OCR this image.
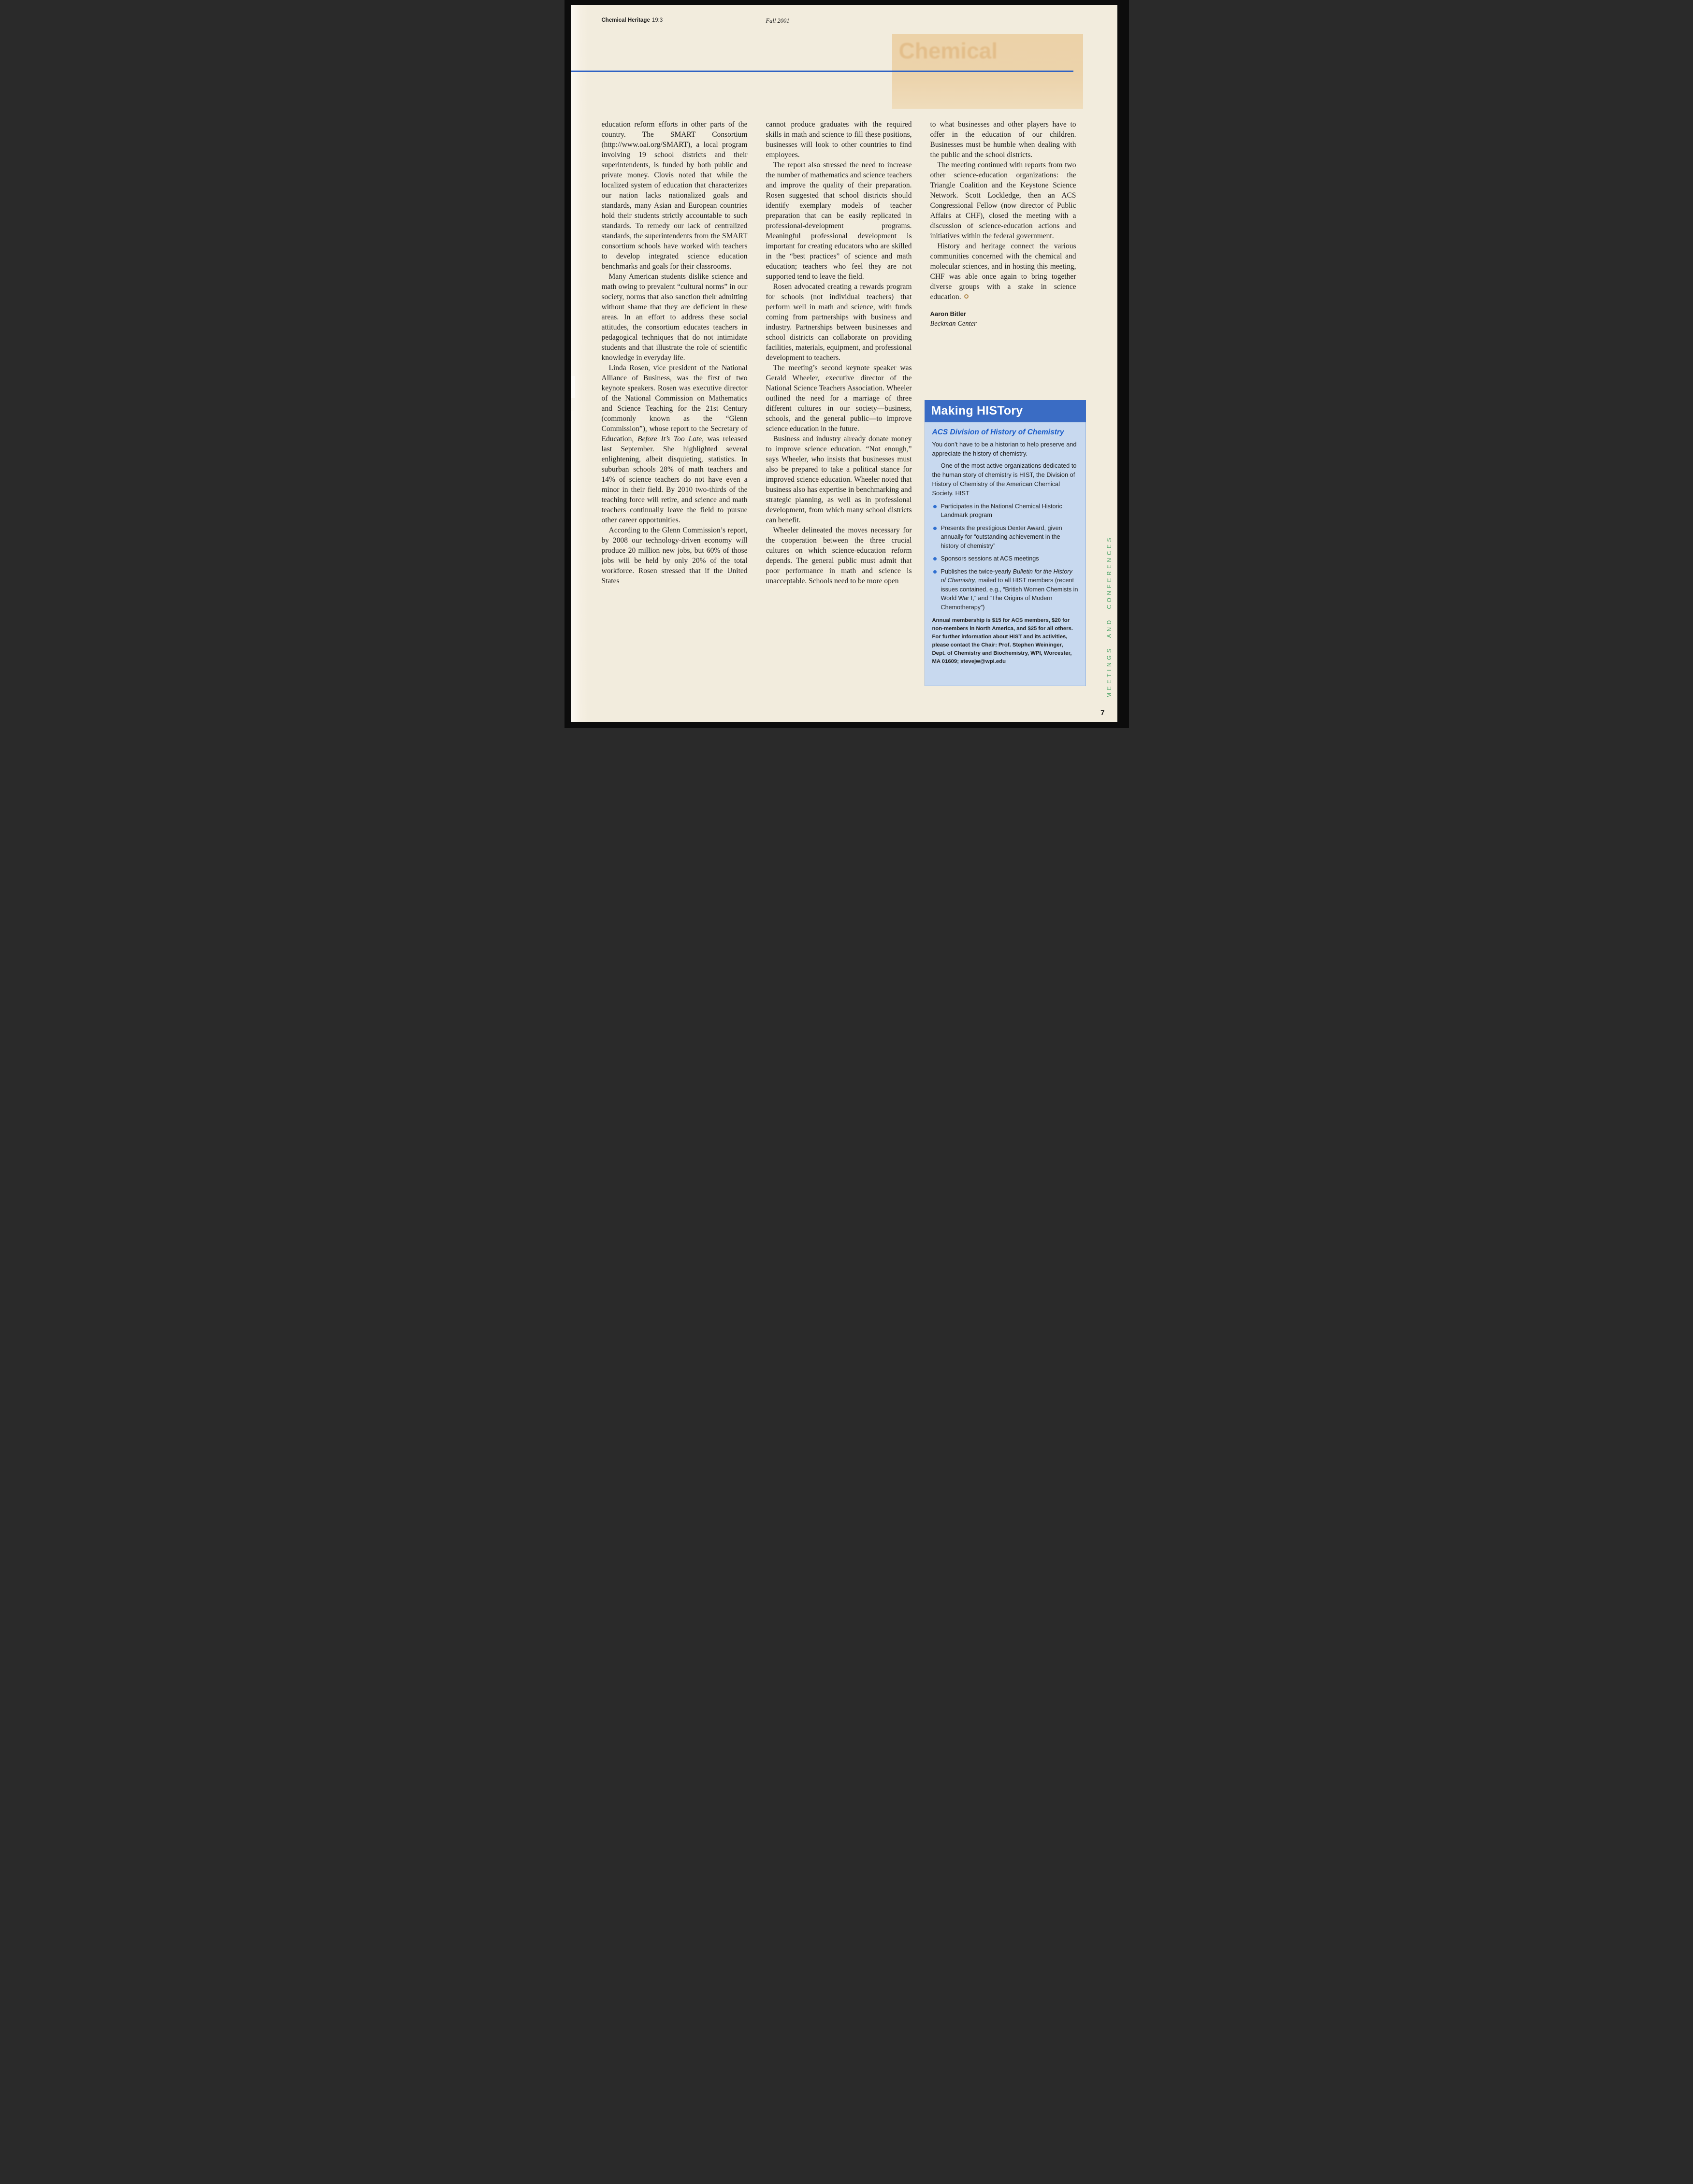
Chemical
Chemical Heritage 19:3	Fall 2001

education reform efforts in other parts of the country. The SMART Consortium (http://www.oai.org/SMART), a local program involving 19 school districts and their superintendents, is funded by both public and private money. Clovis noted that while the localized system of education that characterizes our nation lacks nationalized goals and standards, many Asian and European countries hold their students strictly accountable to such standards. To remedy our lack of centralized standards, the superintendents from the SMART consortium schools have worked with teachers to develop integrated science education benchmarks and goals for their classrooms.

Many American students dislike science and math owing to prevalent “cultural norms” in our society, norms that also sanction their admitting without shame that they are deficient in these areas. In an effort to address these social attitudes, the consortium educates teachers in pedagogical techniques that do not intimidate students and that illustrate the role of scientific knowledge in everyday life.

Linda Rosen, vice president of the National Alliance of Business, was the first of two keynote speakers. Rosen was executive director of the National Commission on Mathematics and Science Teaching for the 21st Century (commonly known as the “Glenn Commission”), whose report to the Secretary of Education, Before It’s Too Late, was released last September. She highlighted several enlightening, albeit disquieting, statistics. In suburban schools 28% of math teachers and 14% of science teachers do not have even a minor in their field. By 2010 two-thirds of the teaching force will retire, and science and math teachers continually leave the field to pursue other career opportunities.

According to the Glenn Commission’s report, by 2008 our technology-driven economy will produce 20 million new jobs, but 60% of those jobs will be held by only 20% of the total workforce. Rosen stressed that if the United States

cannot produce graduates with the required skills in math and science to fill these positions, businesses will look to other countries to find employees.

The report also stressed the need to increase the number of mathematics and science teachers and improve the quality of their preparation. Rosen suggested that school districts should identify exemplary models of teacher preparation that can be easily replicated in professional-development programs. Meaningful professional development is important for creating educators who are skilled in the “best practices” of science and math education; teachers who feel they are not supported tend to leave the field.

Rosen advocated creating a rewards program for schools (not individual teachers) that perform well in math and science, with funds coming from partnerships with business and industry. Partnerships between businesses and school districts can collaborate on providing facilities, materials, equipment, and professional development to teachers.

The meeting’s second keynote speaker was Gerald Wheeler, executive director of the National Science Teachers Association. Wheeler outlined the need for a marriage of three different cultures in our society—business, schools, and the general public—to improve science education in the future.

Business and industry already donate money to improve science education. “Not enough,” says Wheeler, who insists that businesses must also be prepared to take a political stance for improved science education. Wheeler noted that business also has expertise in benchmarking and strategic planning, as well as in professional development, from which many school districts can benefit.

Wheeler delineated the moves necessary for the cooperation between the three crucial cultures on which science-education reform depends. The general public must admit that poor performance in math and science is unacceptable. Schools need to be more open

to what businesses and other players have to offer in the education of our children. Businesses must be humble when dealing with the public and the school districts.

The meeting continued with reports from two other science-education organizations: the Triangle Coalition and the Keystone Science Network. Scott Lockledge, then an ACS Congressional Fellow (now director of Public Affairs at CHF), closed the meeting with a discussion of science-education actions and initiatives within the federal government.

History and heritage connect the various communities concerned with the chemical and molecular sciences, and in hosting this meeting, CHF was able once again to bring together diverse groups with a stake in science education.

Aaron Bitler
Beckman Center
Making HISTory
ACS Division of History of Chemistry

You don’t have to be a historian to help preserve and appreciate the history of chemistry.

One of the most active organizations dedicated to the human story of chemistry is HIST, the Division of History of Chemistry of the American Chemical Society. HIST

Participates in the National Chemical Historic Landmark program
Presents the prestigious Dexter Award, given annually for “outstanding achievement in the history of chemistry”
Sponsors sessions at ACS meetings
Publishes the twice-yearly Bulletin for the History of Chemistry, mailed to all HIST members (recent issues contained, e.g., “British Women Chemists in World War I,” and “The Origins of Modern Chemotherapy”)

Annual membership is $15 for ACS members, $20 for non-members in North America, and $25 for all others. For further information about HIST and its activities, please contact the Chair: Prof. Stephen Weininger, Dept. of Chemistry and Biochemistry, WPI, Worcester, MA 01609; stevejw@wpi.edu	MEETINGS AND CONFERENCES
7
